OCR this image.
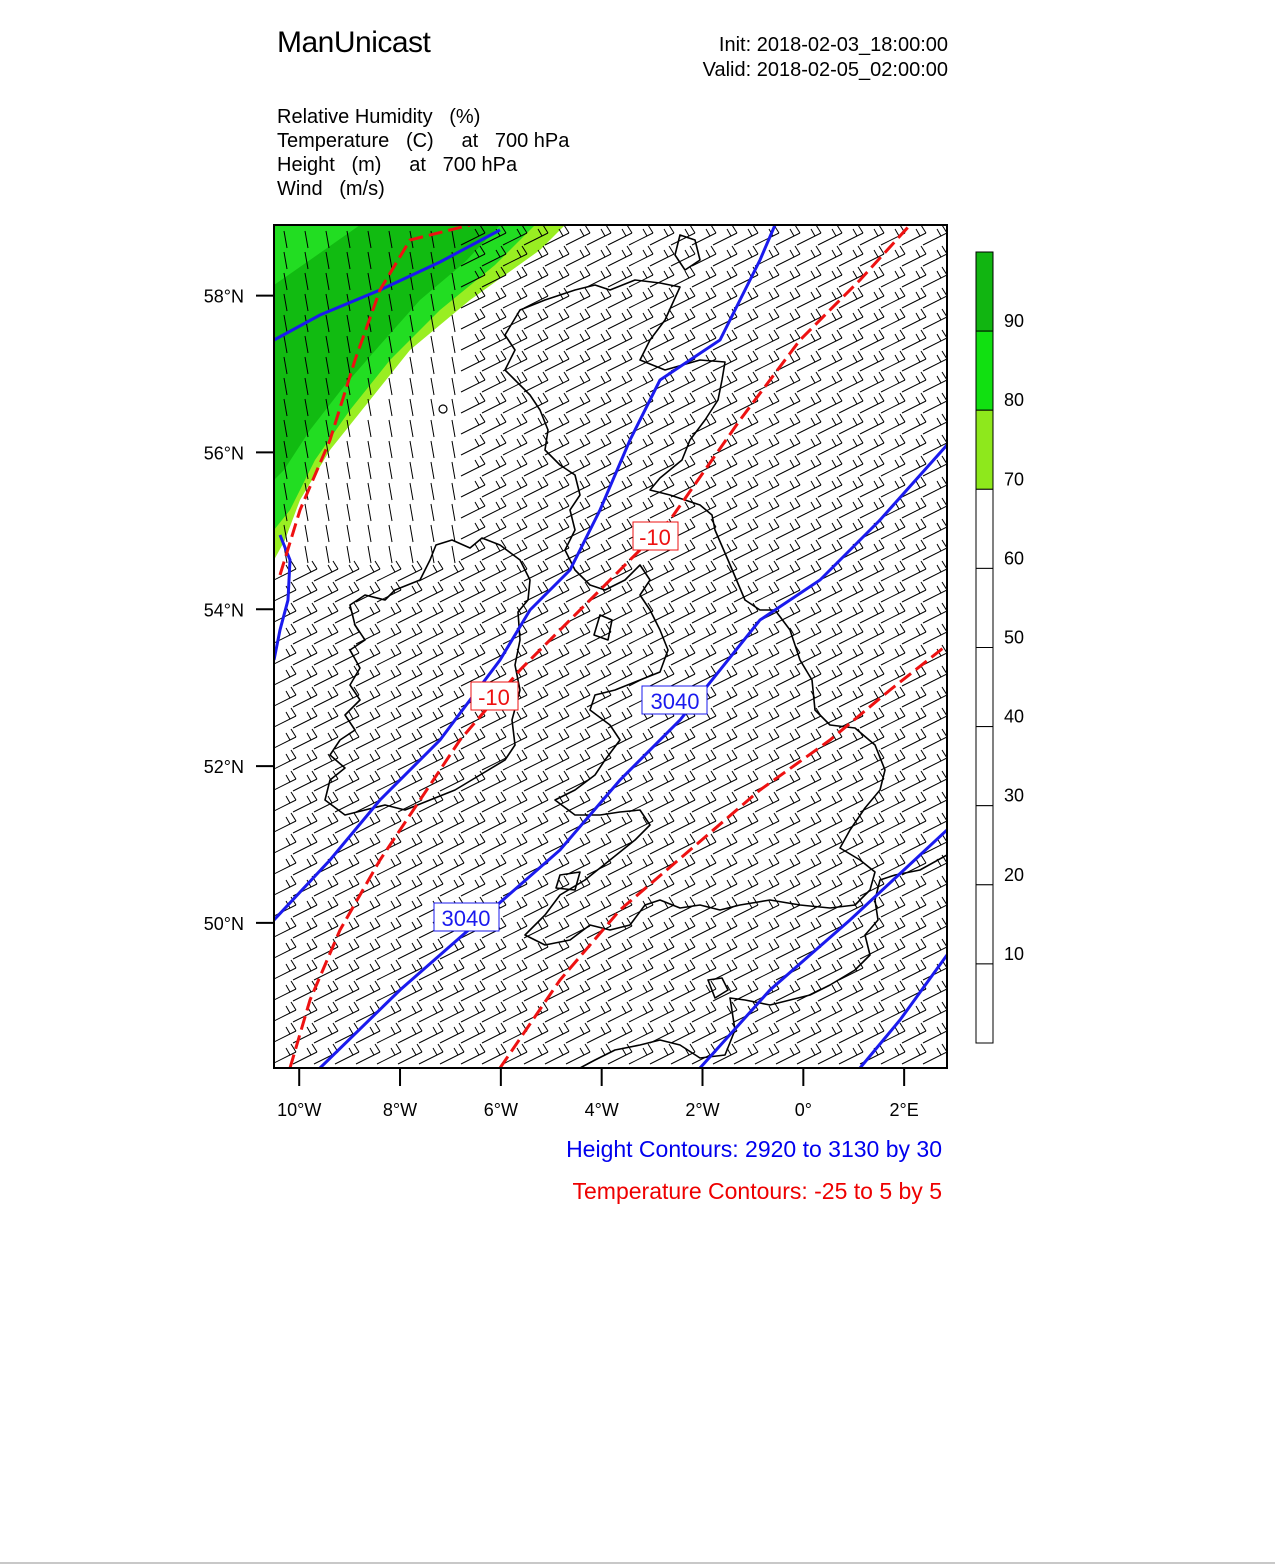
ManUnicast	Init: 2018-02-03_18:00:00
Valid: 2018-02-05_02:00:00
Relative Humidity   (%)
Temperature   (C)     at   700 hPa
Height   (m)     at   700 hPa
Wind   (m/s)
-10
-10	3040
3040
58°N
56°N
54°N
52°N
50°N
10°W	8°W	6°W	4°W	2°W	0°	2°E
90
80
70
60
50
40
30
20
10
Height Contours: 2920 to 3130 by 30
Temperature Contours: -25 to 5 by 5
